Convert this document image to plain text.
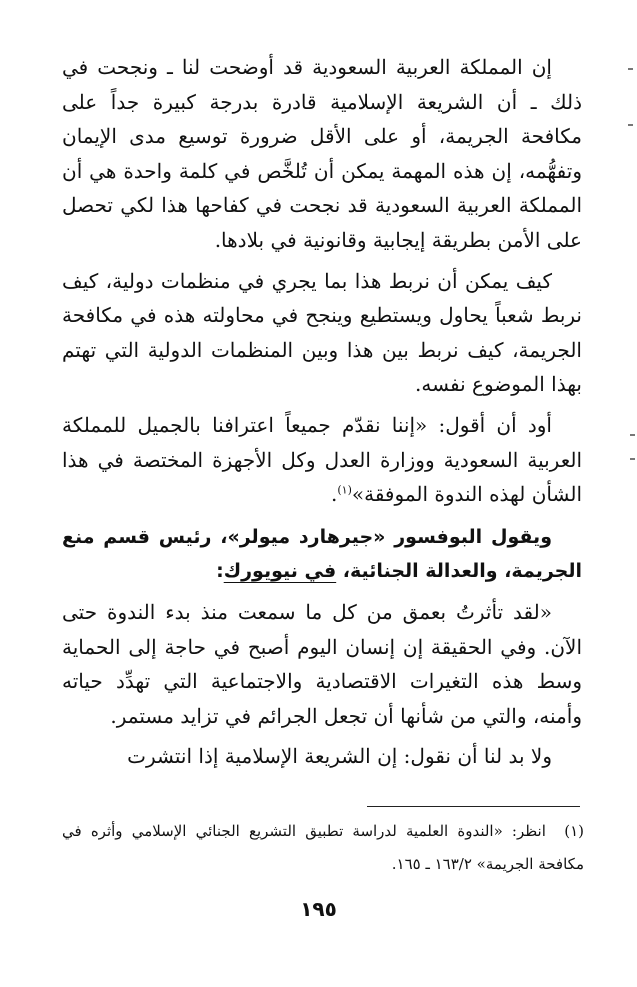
إن المملكة العربية السعودية قد أوضحت لنا ـ ونجحت في ذلك ـ أن الشريعة الإسلامية قادرة بدرجة كبيرة جداً على مكافحة الجريمة، أو على الأقل ضرورة توسيع مدى الإيمان وتفهُّمه، إن هذه المهمة يمكن أن تُلخَّص في كلمة واحدة هي أن المملكة العربية السعودية قد نجحت في كفاحها هذا لكي تحصل على الأمن بطريقة إيجابية وقانونية في بلادها.

كيف يمكن أن نربط هذا بما يجري في منظمات دولية، كيف نربط شعباً يحاول ويستطيع وينجح في محاولته هذه في مكافحة الجريمة، كيف نربط بين هذا وبين المنظمات الدولية التي تهتم بهذا الموضوع نفسه.

أود أن أقول: «إننا نقدّم جميعاً اعترافنا بالجميل للمملكة العربية السعودية ووزارة العدل وكل الأجهزة المختصة في هذا الشأن لهذه الندوة الموفقة»$^{(١)}$.

ويقول البوفسور «جيرهارد ميولر»، رئيس قسم منع الجريمة، والعدالة الجنائية، في نيويورك:

«لقد تأثرتُ بعمق من كل ما سمعت منذ بدء الندوة حتى الآن. وفي الحقيقة إن إنسان اليوم أصبح في حاجة إلى الحماية وسط هذه التغيرات الاقتصادية والاجتماعية التي تهدِّد حياته وأمنه، والتي من شأنها أن تجعل الجرائم في تزايد مستمر.

ولا بد لنا أن نقول: إن الشريعة الإسلامية إذا انتشرت

(١)  انظر: «الندوة العلمية لدراسة تطبيق التشريع الجنائي الإسلامي وأثره في مكافحة الجريمة» ١٦٣/٢ ـ ١٦٥.

١٩٥
